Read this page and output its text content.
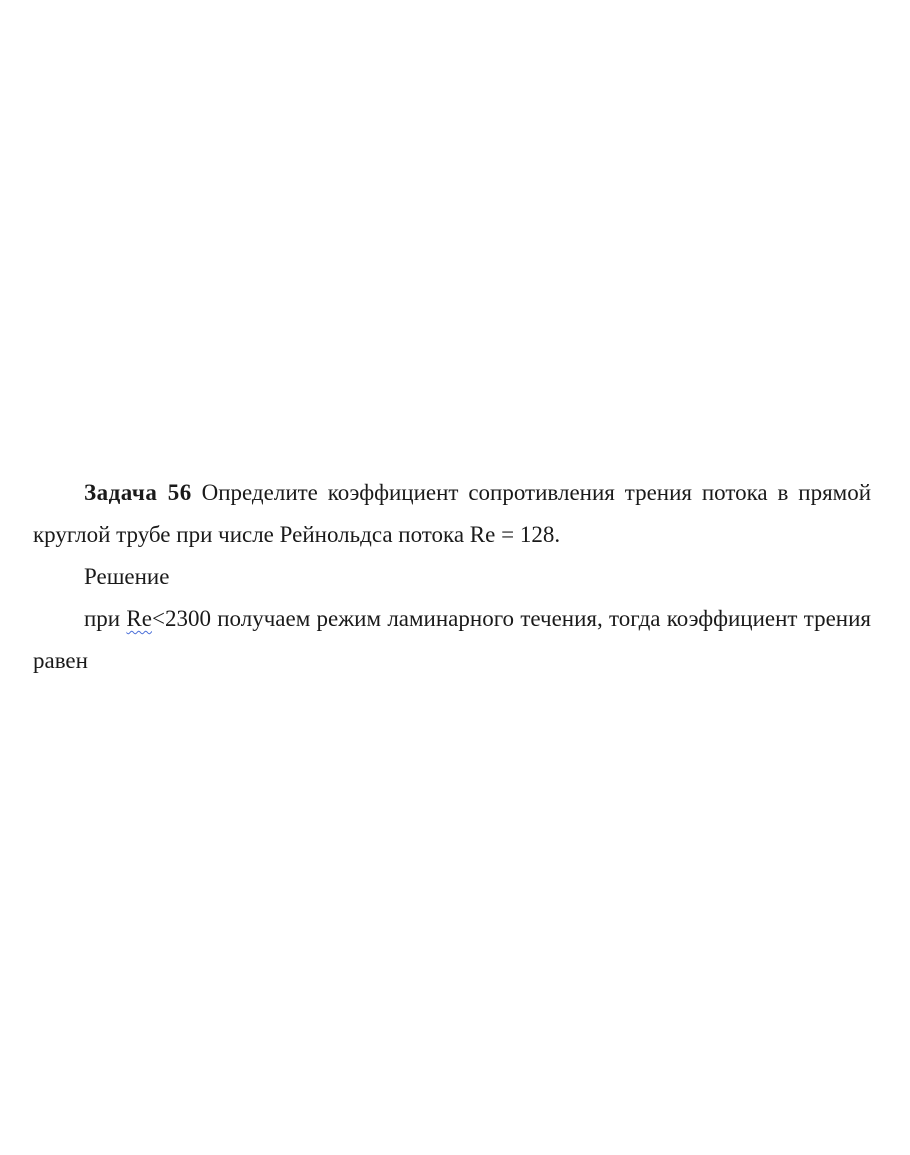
Задача 56 Определите коэффициент сопротивления трения потока в прямой круглой трубе при числе Рейнольдса потока Re = 128.

Решение

при Re<2300 получаем режим ламинарного течения, тогда коэффициент трения равен
